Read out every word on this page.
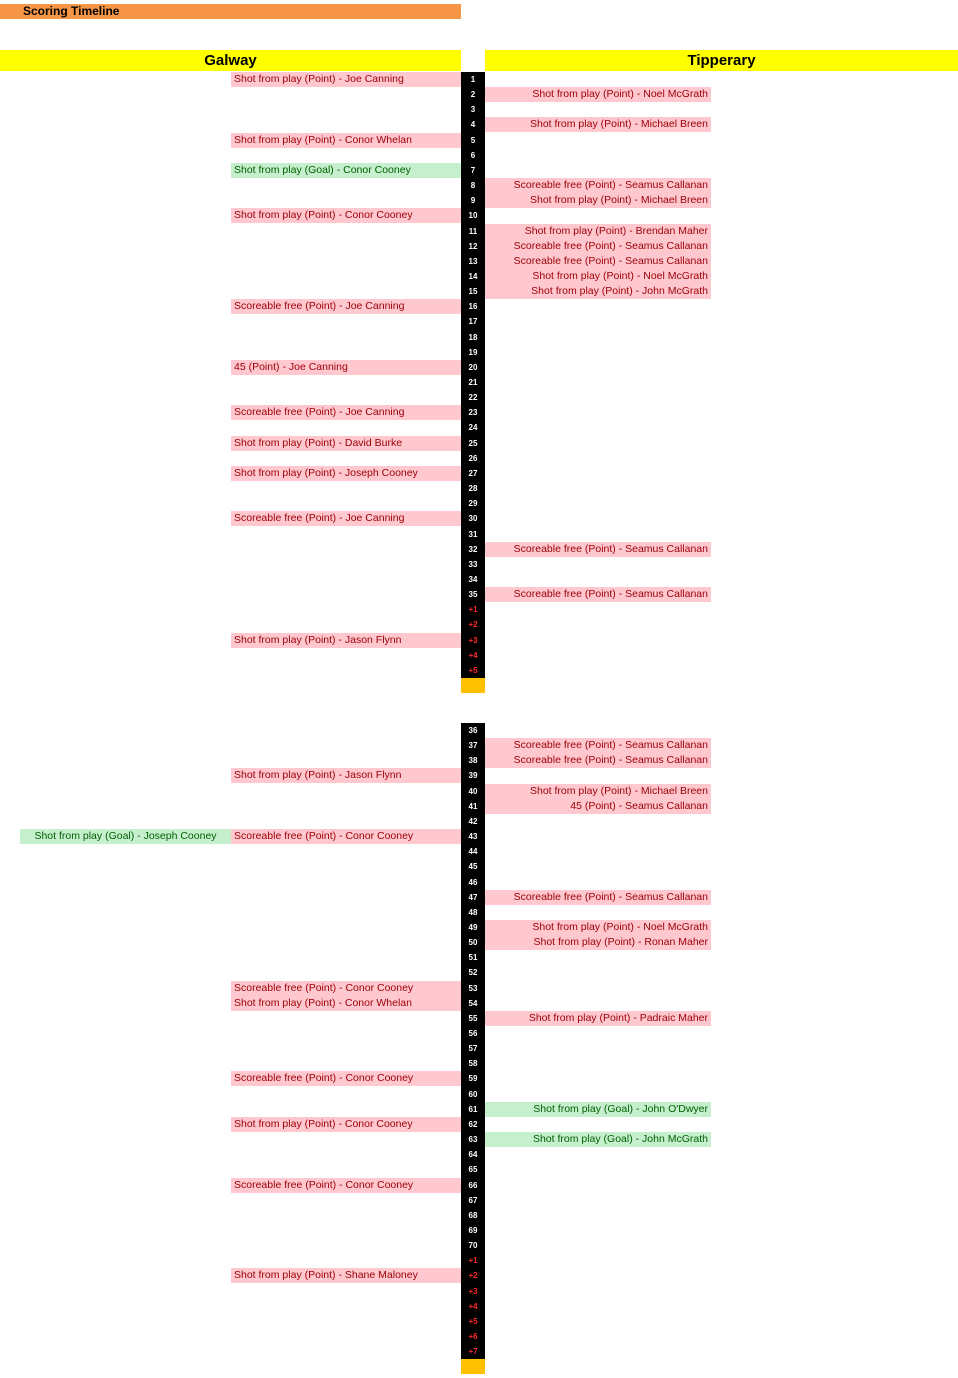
Scoring Timeline
Galway	Tipperary
1
2
3
4
5
6
7
8
9
10
11
12
13
14
15
16
17
18
19
20
21
22
23
24
25
26
27
28
29
30
31
32
33
34
35
+1
+2
+3
+4
+5
Shot from play (Point) - Joe Canning
Shot from play (Point) - Noel McGrath
Shot from play (Point) - Michael Breen
Shot from play (Point) - Conor Whelan
Shot from play (Goal) - Conor Cooney
Scoreable free (Point) - Seamus Callanan
Shot from play (Point) - Michael Breen
Shot from play (Point) - Conor Cooney
Shot from play (Point) - Brendan Maher
Scoreable free (Point) - Seamus Callanan
Scoreable free (Point) - Seamus Callanan
Shot from play (Point) - Noel McGrath
Shot from play (Point) - John McGrath
Scoreable free (Point) - Joe Canning
45 (Point) - Joe Canning
Scoreable free (Point) - Joe Canning
Shot from play (Point) - David Burke
Shot from play (Point) - Joseph Cooney
Scoreable free (Point) - Joe Canning
Scoreable free (Point) - Seamus Callanan
Scoreable free (Point) - Seamus Callanan
Shot from play (Point) - Jason Flynn
36
37
38
39
40
41
42
43
44
45
46
47
48
49
50
51
52
53
54
55
56
57
58
59
60
61
62
63
64
65
66
67
68
69
70
+1
+2
+3
+4
+5
+6
+7
Scoreable free (Point) - Seamus Callanan
Scoreable free (Point) - Seamus Callanan
Shot from play (Point) - Jason Flynn
Shot from play (Point) - Michael Breen
45 (Point) - Seamus Callanan
Shot from play (Goal) - Joseph Cooney	Scoreable free (Point) - Conor Cooney
Scoreable free (Point) - Seamus Callanan
Shot from play (Point) - Noel McGrath
Shot from play (Point) - Ronan Maher
Scoreable free (Point) - Conor Cooney
Shot from play (Point) - Conor Whelan
Shot from play (Point) - Padraic Maher
Scoreable free (Point) - Conor Cooney
Shot from play (Goal) - John O'Dwyer
Shot from play (Point) - Conor Cooney
Shot from play (Goal) - John McGrath
Scoreable free (Point) - Conor Cooney
Shot from play (Point) - Shane Maloney
